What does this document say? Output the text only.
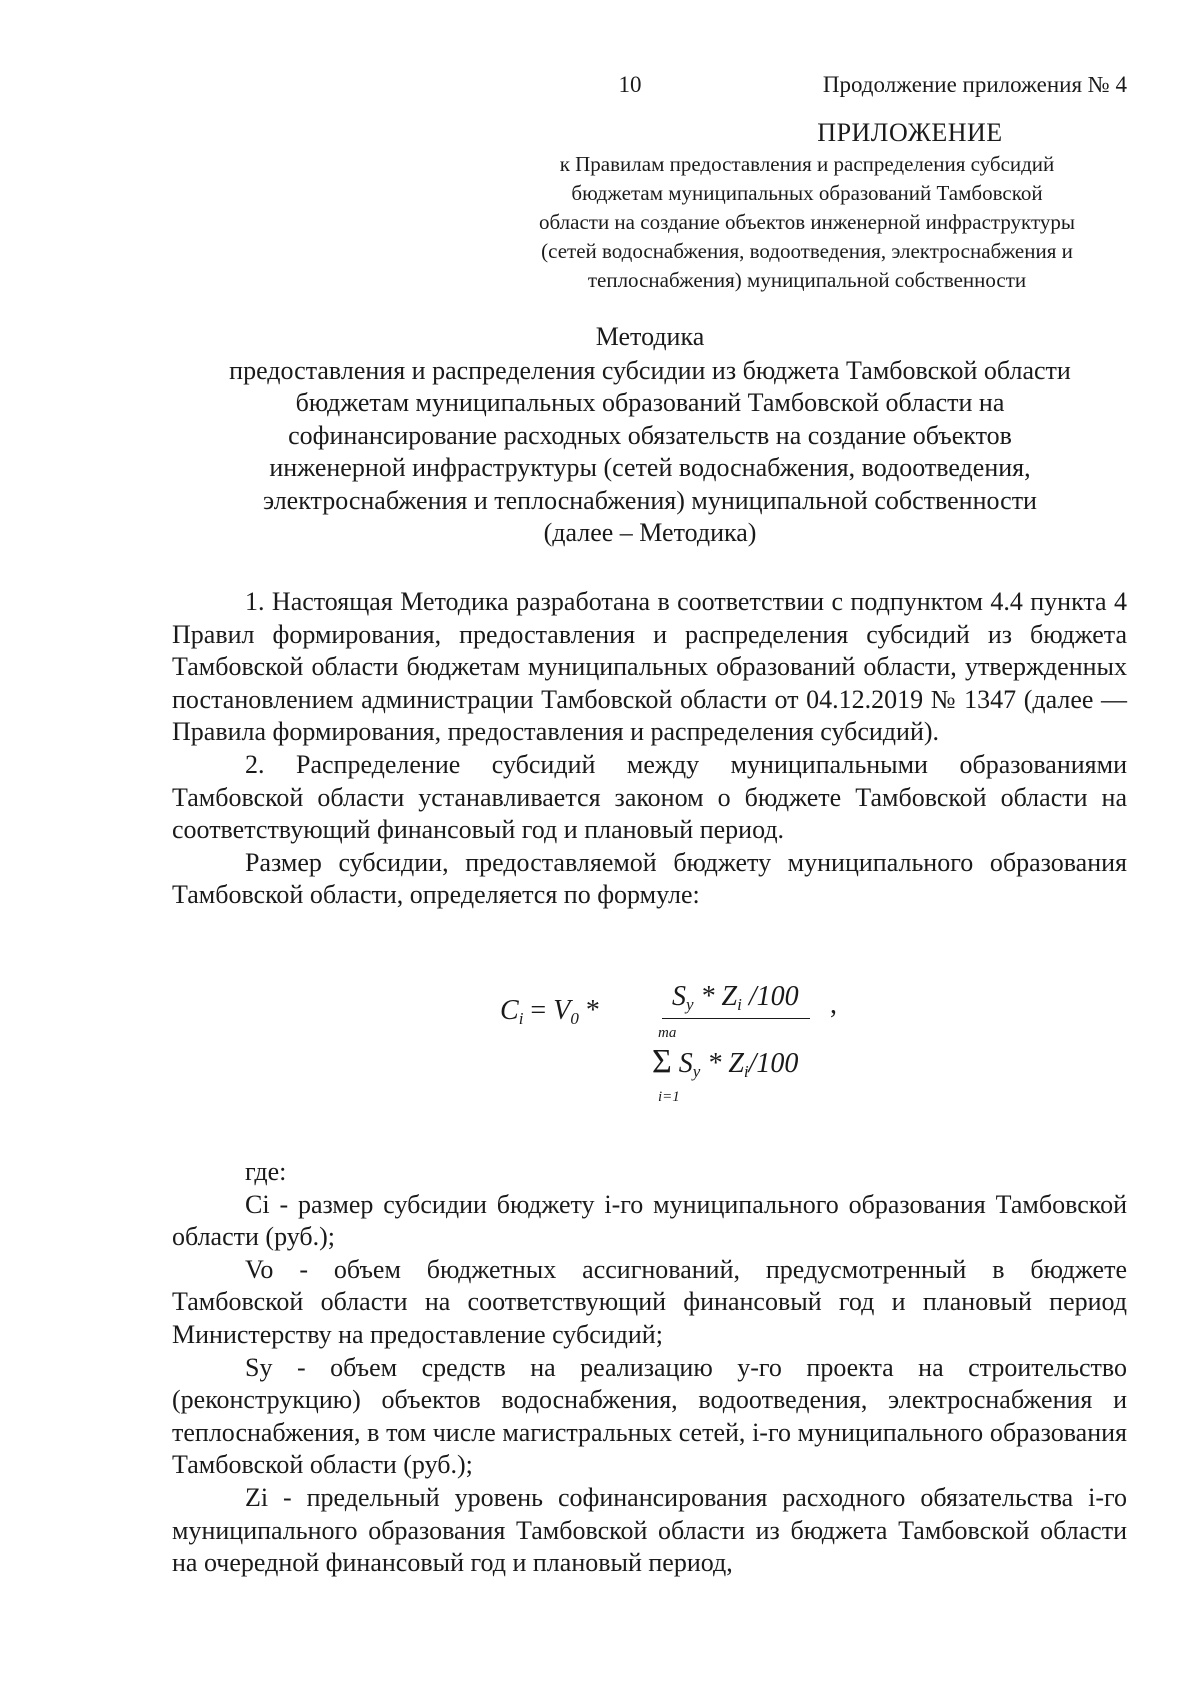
10	Продолжение приложения № 4
ПРИЛОЖЕНИЕ
к Правилам предоставления и распределения субсидий
бюджетам муниципальных образований Тамбовской
области на создание объектов инженерной инфраструктуры
(сетей водоснабжения, водоотведения, электроснабжения и
теплоснабжения) муниципальной собственности
Методика
предоставления и распределения субсидии из бюджета Тамбовской области
бюджетам муниципальных образований Тамбовской области на
софинансирование расходных обязательств на создание объектов
инженерной инфраструктуры (сетей водоснабжения, водоотведения,
электроснабжения и теплоснабжения) муниципальной собственности
(далее – Методика)

1. Настоящая Методика разработана в соответствии с подпунктом 4.4 пункта 4 Правил формирования, предоставления и распределения субсидий из бюджета Тамбовской области бюджетам муниципальных образований области, утвержденных постановлением администрации Тамбовской области от 04.12.2019 № 1347 (далее — Правила формирования, предоставления и распределения субсидий).

2. Распределение субсидий между муниципальными образованиями Тамбовской области устанавливается законом о бюджете Тамбовской области на соответствующий финансовый год и плановый период.

Размер субсидии, предоставляемой бюджету муниципального образования Тамбовской области, определяется по формуле:

$C_i = V_0$ *	$S_y * Z_i$ /100 ,
ma
Σ $S_y * Z_i/100$
i=1

где:

Ci - размер субсидии бюджету i-го муниципального образования Тамбовской области (руб.);

Vo - объем бюджетных ассигнований, предусмотренный в бюджете Тамбовской области на соответствующий финансовый год и плановый период Министерству на предоставление субсидий;

Sy - объем средств на реализацию у-го проекта на строительство (реконструкцию) объектов водоснабжения, водоотведения, электроснабжения и теплоснабжения, в том числе магистральных сетей, i-го муниципального образования Тамбовской области (руб.);

Zi - предельный уровень софинансирования расходного обязательства i-го муниципального образования Тамбовской области из бюджета Тамбовской области на очередной финансовый год и плановый период,
